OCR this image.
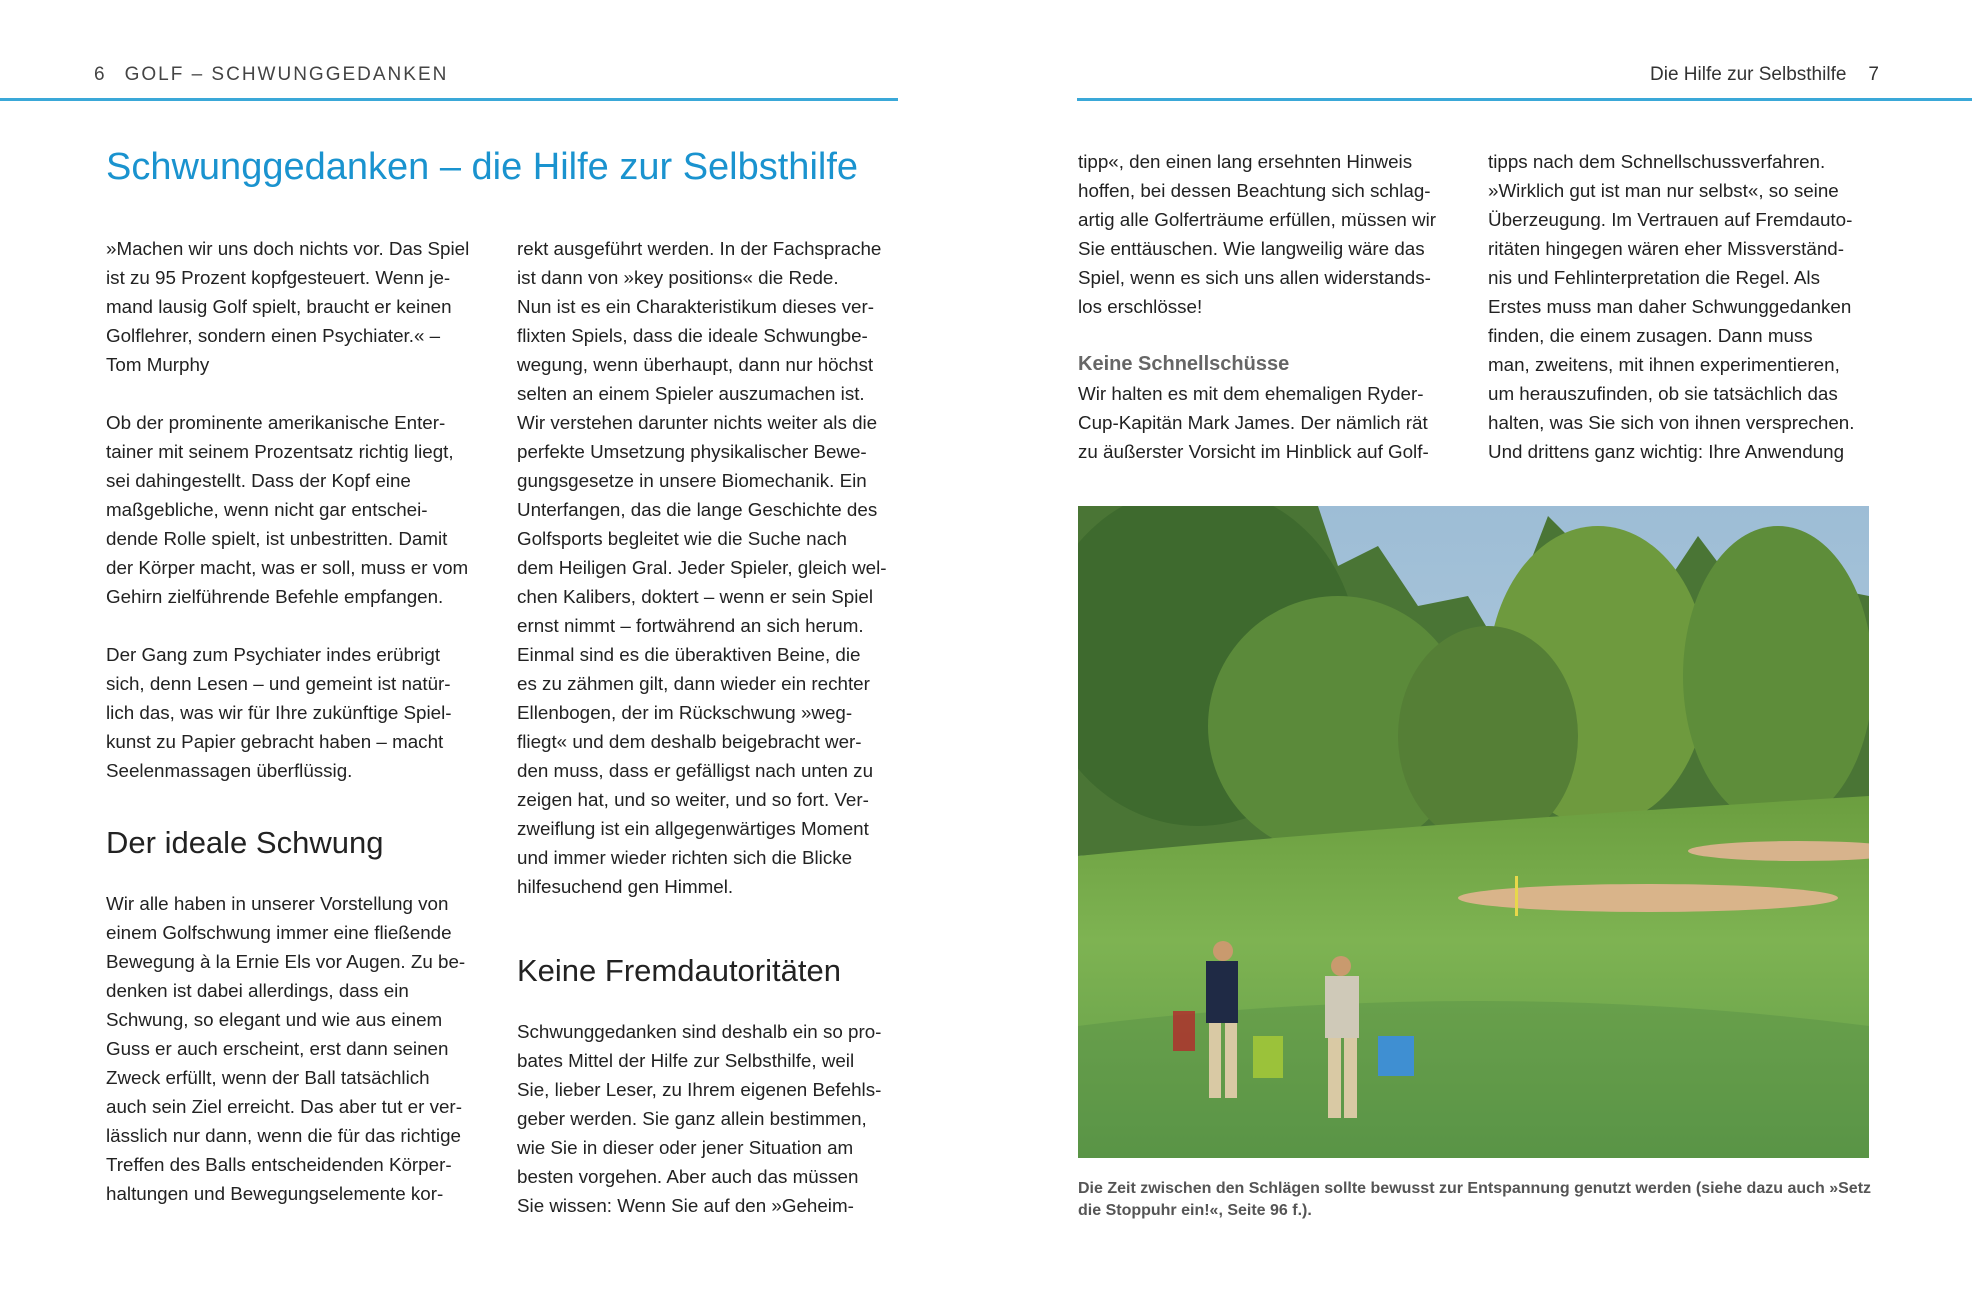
6 GOLF – SCHWUNGGEDANKEN
Schwunggedanken – die Hilfe zur Selbsthilfe

»Machen wir uns doch nichts vor. Das Spiel
ist zu 95 Prozent kopfgesteuert. Wenn je-
mand lausig Golf spielt, braucht er keinen
Golflehrer, sondern einen Psychiater.« –
Tom Murphy

Ob der prominente amerikanische Enter-
tainer mit seinem Prozentsatz richtig liegt,
sei dahingestellt. Dass der Kopf eine
maßgebliche, wenn nicht gar entschei-
dende Rolle spielt, ist unbestritten. Damit
der Körper macht, was er soll, muss er vom
Gehirn zielführende Befehle empfangen.

Der Gang zum Psychiater indes erübrigt
sich, denn Lesen – und gemeint ist natür-
lich das, was wir für Ihre zukünftige Spiel-
kunst zu Papier gebracht haben – macht
Seelenmassagen überflüssig.

Der ideale Schwung

Wir alle haben in unserer Vorstellung von
einem Golfschwung immer eine fließende
Bewegung à la Ernie Els vor Augen. Zu be-
denken ist dabei allerdings, dass ein
Schwung, so elegant und wie aus einem
Guss er auch erscheint, erst dann seinen
Zweck erfüllt, wenn der Ball tatsächlich
auch sein Ziel erreicht. Das aber tut er ver-
lässlich nur dann, wenn die für das richtige
Treffen des Balls entscheidenden Körper-
haltungen und Bewegungselemente kor-

rekt ausgeführt werden. In der Fachsprache
ist dann von »key positions« die Rede.
Nun ist es ein Charakteristikum dieses ver-
flixten Spiels, dass die ideale Schwungbe-
wegung, wenn überhaupt, dann nur höchst
selten an einem Spieler auszumachen ist.
Wir verstehen darunter nichts weiter als die
perfekte Umsetzung physikalischer Bewe-
gungsgesetze in unsere Biomechanik. Ein
Unterfangen, das die lange Geschichte des
Golfsports begleitet wie die Suche nach
dem Heiligen Gral. Jeder Spieler, gleich wel-
chen Kalibers, doktert – wenn er sein Spiel
ernst nimmt – fortwährend an sich herum.
Einmal sind es die überaktiven Beine, die
es zu zähmen gilt, dann wieder ein rechter
Ellenbogen, der im Rückschwung »weg-
fliegt« und dem deshalb beigebracht wer-
den muss, dass er gefälligst nach unten zu
zeigen hat, und so weiter, und so fort. Ver-
zweiflung ist ein allgegenwärtiges Moment
und immer wieder richten sich die Blicke
hilfesuchend gen Himmel.

Keine Fremdautoritäten

Schwunggedanken sind deshalb ein so pro-
bates Mittel der Hilfe zur Selbsthilfe, weil
Sie, lieber Leser, zu Ihrem eigenen Befehls-
geber werden. Sie ganz allein bestimmen,
wie Sie in dieser oder jener Situation am
besten vorgehen. Aber auch das müssen
Sie wissen: Wenn Sie auf den »Geheim-

Die Hilfe zur Selbsthilfe 7

tipp«, den einen lang ersehnten Hinweis
hoffen, bei dessen Beachtung sich schlag-
artig alle Golferträume erfüllen, müssen wir
Sie enttäuschen. Wie langweilig wäre das
Spiel, wenn es sich uns allen widerstands-
los erschlösse!

Keine Schnellschüsse

Wir halten es mit dem ehemaligen Ryder-
Cup-Kapitän Mark James. Der nämlich rät
zu äußerster Vorsicht im Hinblick auf Golf-

tipps nach dem Schnellschussverfahren.
»Wirklich gut ist man nur selbst«, so seine
Überzeugung. Im Vertrauen auf Fremdauto-
ritäten hingegen wären eher Missverständ-
nis und Fehlinterpretation die Regel. Als
Erstes muss man daher Schwunggedanken
finden, die einem zusagen. Dann muss
man, zweitens, mit ihnen experimentieren,
um herauszufinden, ob sie tatsächlich das
halten, was Sie sich von ihnen versprechen.
Und drittens ganz wichtig: Ihre Anwendung

Die Zeit zwischen den Schlägen sollte bewusst zur Entspannung genutzt werden (siehe dazu auch »Setz die Stoppuhr ein!«, Seite 96 f.).
